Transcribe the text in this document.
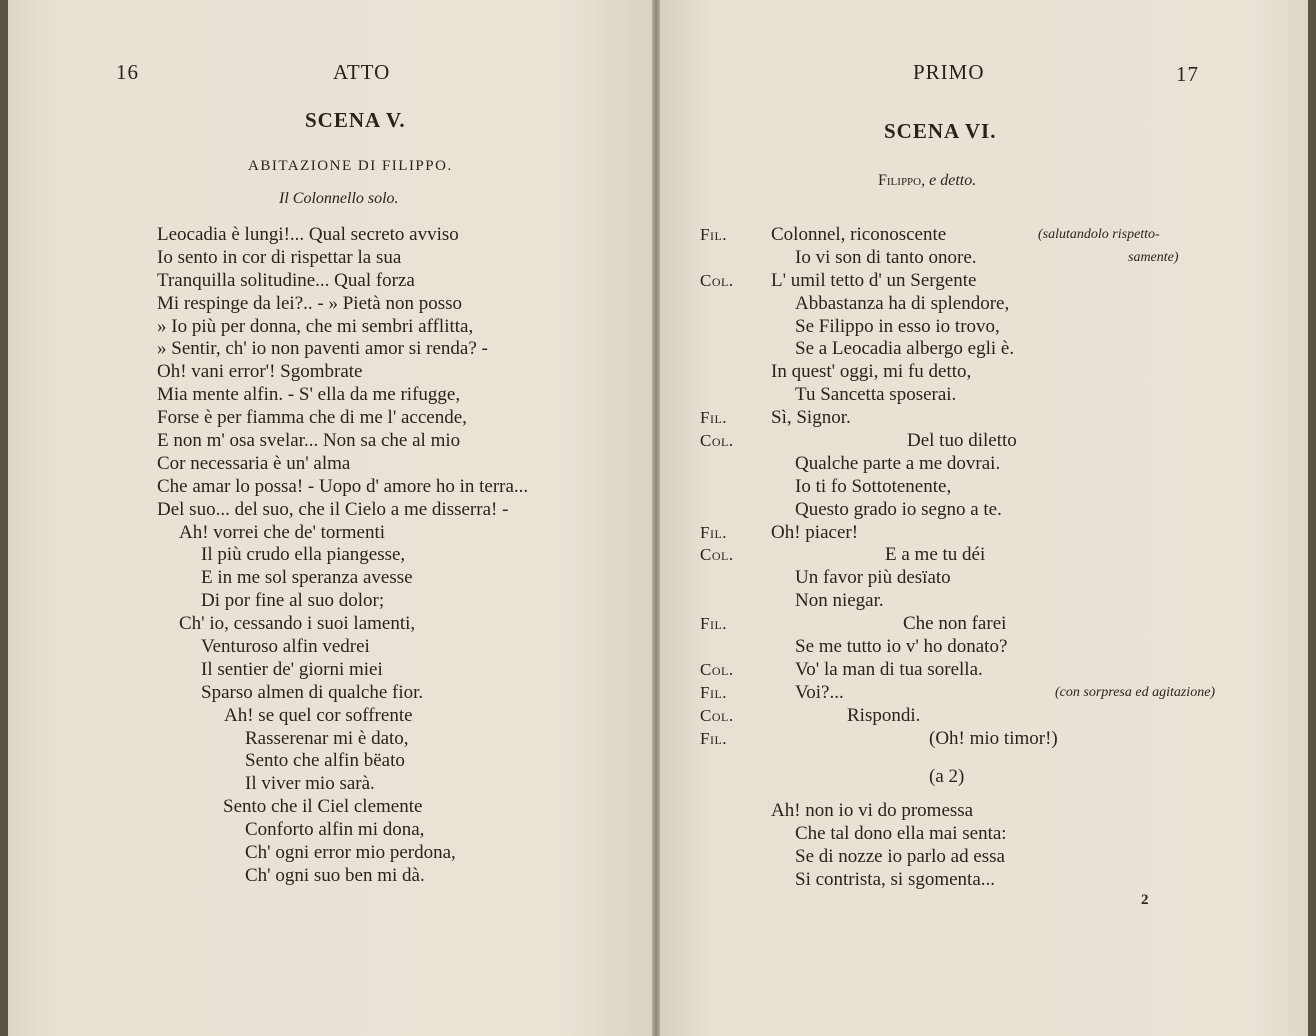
16	ATTO
SCENA V.
ABITAZIONE DI FILIPPO.
Il Colonnello solo.
Leocadia è lungi!... Qual secreto avviso
Io sento in cor di rispettar la sua
Tranquilla solitudine... Qual forza
Mi respinge da lei?.. - » Pietà non posso
» Io più per donna, che mi sembri afflitta,
» Sentir, ch' io non paventi amor si renda? -
Oh! vani error'! Sgombrate
Mia mente alfin. - S' ella da me rifugge,
Forse è per fiamma che di me l' accende,
E non m' osa svelar... Non sa che al mio
Cor necessaria è un' alma
Che amar lo possa! - Uopo d' amore ho in terra...
Del suo... del suo, che il Cielo a me disserra! -
Ah! vorrei che de' tormenti
Il più crudo ella piangesse,
E in me sol speranza avesse
Di por fine al suo dolor;
Ch' io, cessando i suoi lamenti,
Venturoso alfin vedrei
Il sentier de' giorni miei
Sparso almen di qualche fior.
Ah! se quel cor soffrente
Rasserenar mi è dato,
Sento che alfin bëato
Il viver mio sarà.
Sento che il Ciel clemente
Conforto alfin mi dona,
Ch' ogni error mio perdona,
Ch' ogni suo ben mi dà.
PRIMO	17
SCENA VI.
Filippo, e detto.
Fil. Colonnel, riconoscente	(salutandolo rispetto-
Io vi son di tanto onore.	samente)
Col. L' umil tetto d' un Sergente
Abbastanza ha di splendore,
Se Filippo in esso io trovo,
Se a Leocadia albergo egli è.
In quest' oggi, mi fu detto,
Tu Sancetta sposerai.
Fil. Sì, Signor.
Col.	Del tuo diletto
Qualche parte a me dovrai.
Io ti fo Sottotenente,
Questo grado io segno a te.
Fil. Oh! piacer!
Col.	E a me tu déi
Un favor più desïato
Non niegar.
Fil.	Che non farei
Se me tutto io v' ho donato?
Col.	Vo' la man di tua sorella.
Fil.	Voi?...	(con sorpresa ed agitazione)
Col.	Rispondi.
Fil.	(Oh! mio timor!)
(a 2)
Ah! non io vi do promessa
Che tal dono ella mai senta:
Se di nozze io parlo ad essa
Si contrista, si sgomenta...
2
